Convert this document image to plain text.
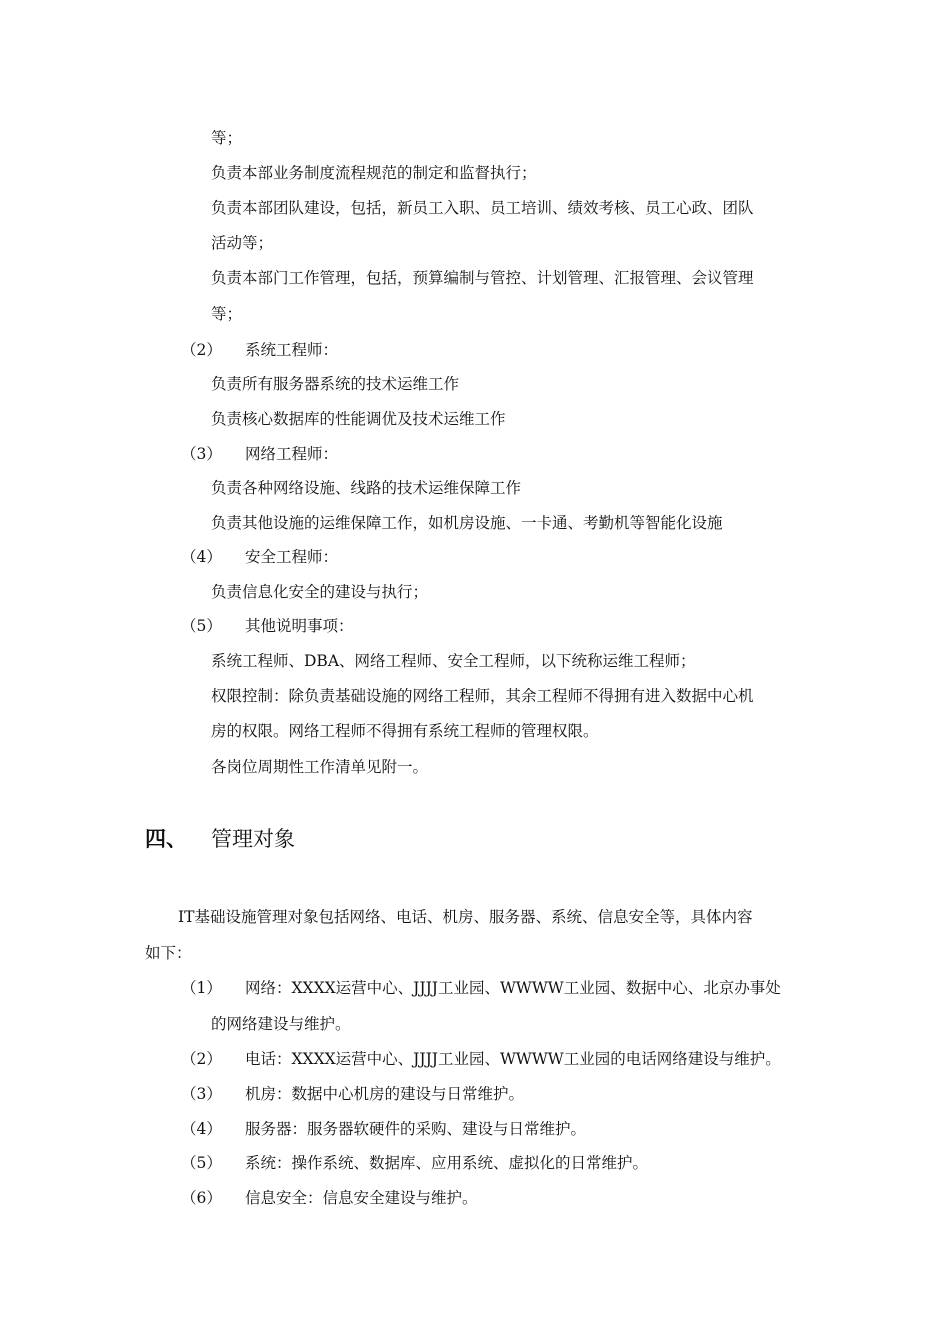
等；
负责本部业务制度流程规范的制定和监督执行；
负责本部团队建设，包括，新员工入职、员工培训、绩效考核、员工心政、团队
活动等；
负责本部门工作管理，包括，预算编制与管控、计划管理、汇报管理、会议管理
等；
（2） 系统工程师：
负责所有服务器系统的技术运维工作
负责核心数据库的性能调优及技术运维工作
（3） 网络工程师：
负责各种网络设施、线路的技术运维保障工作
负责其他设施的运维保障工作，如机房设施、一卡通、考勤机等智能化设施
（4） 安全工程师：
负责信息化安全的建设与执行；
（5） 其他说明事项：
系统工程师、DBA、网络工程师、安全工程师，以下统称运维工程师；
权限控制：除负责基础设施的网络工程师，其余工程师不得拥有进入数据中心机
房的权限。网络工程师不得拥有系统工程师的管理权限。
各岗位周期性工作清单见附一。
四、 管理对象
IT基础设施管理对象包括网络、电话、机房、服务器、系统、信息安全等，具体内容
如下：
（1） 网络：XXXX运营中心、JJJJ工业园、WWWW工业园、数据中心、北京办事处
的网络建设与维护。
（2） 电话：XXXX运营中心、JJJJ工业园、WWWW工业园的电话网络建设与维护。
（3） 机房：数据中心机房的建设与日常维护。
（4） 服务器：服务器软硬件的采购、建设与日常维护。
（5） 系统：操作系统、数据库、应用系统、虚拟化的日常维护。
（6） 信息安全：信息安全建设与维护。
